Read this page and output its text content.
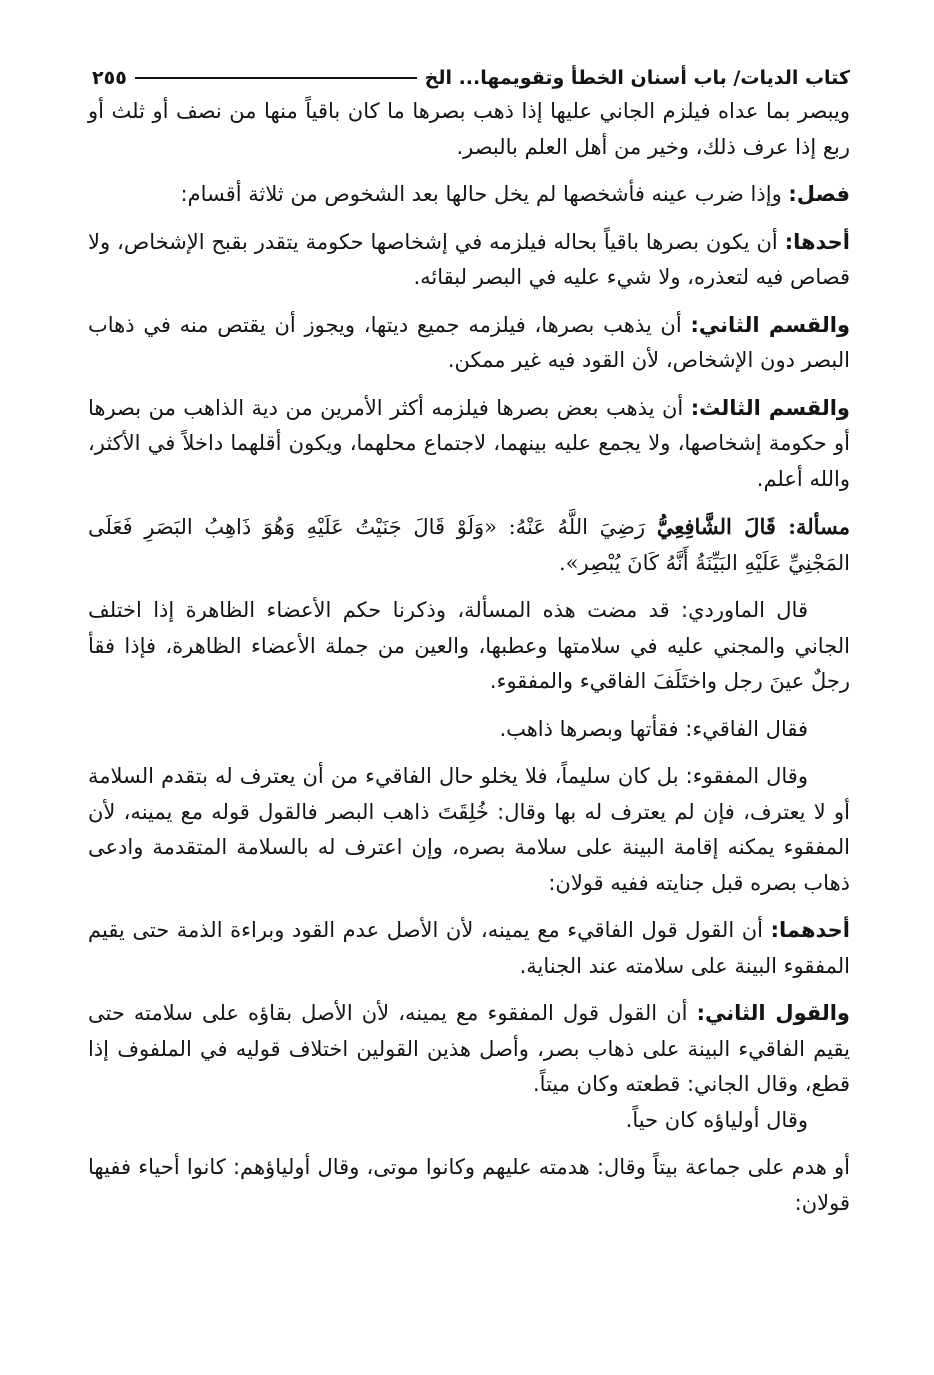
كتاب الديات/ باب أسنان الخطأ وتقويمها... الخ
٢٥٥

ويبصر بما عداه فيلزم الجاني عليها إذا ذهب بصرها ما كان باقياً منها من نصف أو ثلث أو ربع إذا عرف ذلك، وخير من أهل العلم بالبصر.

فصل: وإذا ضرب عينه فأشخصها لم يخل حالها بعد الشخوص من ثلاثة أقسام:

أحدها: أن يكون بصرها باقياً بحاله فيلزمه في إشخاصها حكومة يتقدر بقبح الإشخاص، ولا قصاص فيه لتعذره، ولا شيء عليه في البصر لبقائه.

والقسم الثاني: أن يذهب بصرها، فيلزمه جميع ديتها، ويجوز أن يقتص منه في ذهاب البصر دون الإشخاص، لأن القود فيه غير ممكن.

والقسم الثالث: أن يذهب بعض بصرها فيلزمه أكثر الأمرين من دية الذاهب من بصرها أو حكومة إشخاصها، ولا يجمع عليه بينهما، لاجتماع محلهما، ويكون أقلهما داخلاً في الأكثر، والله أعلم.

مسألة: قَالَ الشَّافِعِيُّ رَضِيَ اللَّهُ عَنْهُ: «وَلَوْ قَالَ جَنَيْتُ عَلَيْهِ وَهُوَ ذَاهِبُ البَصَرِ فَعَلَى المَجْنِيِّ عَلَيْهِ البَيِّنَةُ أَنَّهُ كَانَ يُبْصِر».

قال الماوردي: قد مضت هذه المسألة، وذكرنا حكم الأعضاء الظاهرة إذا اختلف الجاني والمجني عليه في سلامتها وعطبها، والعين من جملة الأعضاء الظاهرة، فإذا فقأ رجلٌ عينَ رجل واختَلَفَ الفاقيء والمفقوء.

فقال الفاقيء: فقأتها وبصرها ذاهب.

وقال المفقوء: بل كان سليماً، فلا يخلو حال الفاقيء من أن يعترف له بتقدم السلامة أو لا يعترف، فإن لم يعترف له بها وقال: خُلِقَتَ ذاهب البصر فالقول قوله مع يمينه، لأن المفقوء يمكنه إقامة البينة على سلامة بصره، وإن اعترف له بالسلامة المتقدمة وادعى ذهاب بصره قبل جنايته ففيه قولان:

أحدهما: أن القول قول الفاقيء مع يمينه، لأن الأصل عدم القود وبراءة الذمة حتى يقيم المفقوء البينة على سلامته عند الجناية.

والقول الثاني: أن القول قول المفقوء مع يمينه، لأن الأصل بقاؤه على سلامته حتى يقيم الفاقيء البينة على ذهاب بصر، وأصل هذين القولين اختلاف قوليه في الملفوف إذا قطع، وقال الجاني: قطعته وكان ميتاً.

وقال أولياؤه كان حياً.

أو هدم على جماعة بيتاً وقال: هدمته عليهم وكانوا موتى، وقال أولياؤهم: كانوا أحياء ففيها قولان:
